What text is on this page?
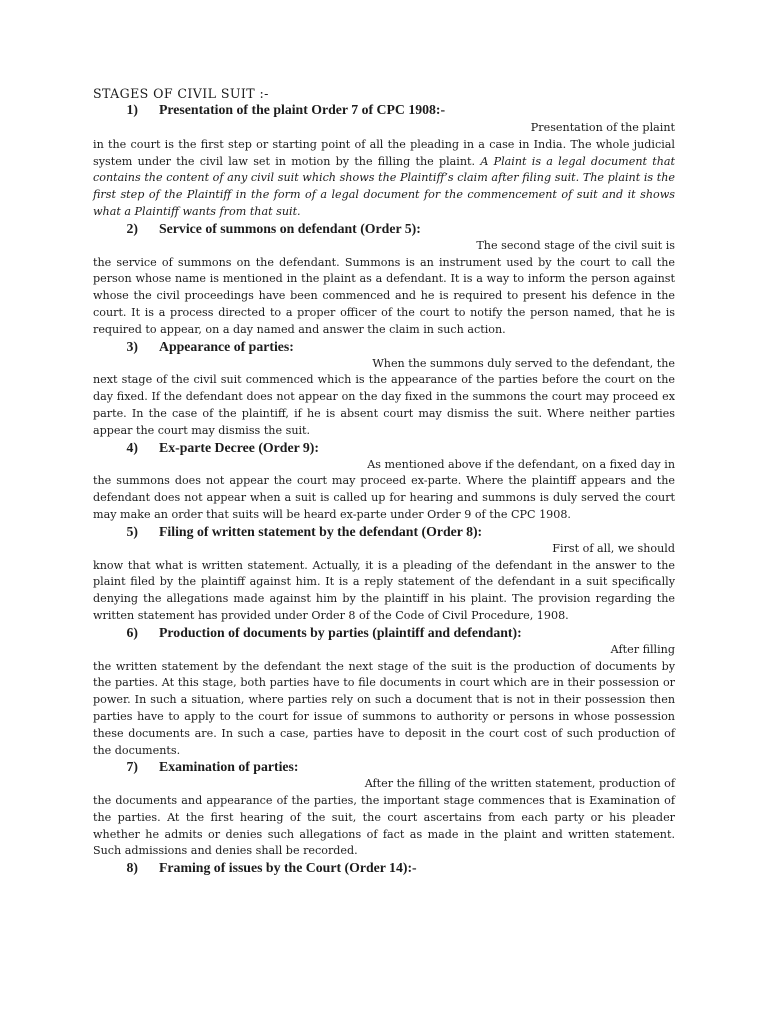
STAGES OF CIVIL SUIT :-
1) Presentation of the plaint Order 7 of CPC 1908:-
Presentation of the plaint
in the court is the first step or starting point of all the pleading in a case in India. The whole judicial system under the civil law set in motion by the filling the plaint. A Plaint is a legal document that contains the content of any civil suit which shows the Plaintiff’s claim after filing suit. The plaint is the first step of the Plaintiff in the form of a legal document for the commencement of suit and it shows what a Plaintiff wants from that suit.
2) Service of summons on defendant (Order 5):
The second stage of the civil suit is
the service of summons on the defendant. Summons is an instrument used by the court to call the person whose name is mentioned in the plaint as a defendant. It is a way to inform the person against whose the civil proceedings have been commenced and he is required to present his defence in the court. It is a process directed to a proper officer of the court to notify the person named, that he is required to appear, on a day named and answer the claim in such action.
3) Appearance of parties:
When the summons duly served to the defendant, the
next stage of the civil suit commenced which is the appearance of the parties before the court on the day fixed. If the defendant does not appear on the day fixed in the summons the court may proceed ex parte. In the case of the plaintiff, if he is absent court may dismiss the suit. Where neither parties appear the court may dismiss the suit.
4) Ex-parte Decree (Order 9):
As mentioned above if the defendant, on a fixed day in
the summons does not appear the court may proceed ex-parte. Where the plaintiff appears and the defendant does not appear when a suit is called up for hearing and summons is duly served the court may make an order that suits will be heard ex-parte under Order 9 of the CPC 1908.
5) Filing of written statement by the defendant (Order 8):
First of all, we should
know that what is written statement. Actually, it is a pleading of the defendant in the answer to the plaint filed by the plaintiff against him. It is a reply statement of the defendant in a suit specifically denying the allegations made against him by the plaintiff in his plaint. The provision regarding the written statement has provided under Order 8 of the Code of Civil Procedure, 1908.
6) Production of documents by parties (plaintiff and defendant):
After filling
the written statement by the defendant the next stage of the suit is the production of documents by the parties. At this stage, both parties have to file documents in court which are in their possession or power. In such a situation, where parties rely on such a document that is not in their possession then parties have to apply to the court for issue of summons to authority or persons in whose possession these documents are. In such a case, parties have to deposit in the court cost of such production of the documents.
7) Examination of parties:
After the filling of the written statement, production of
the documents and appearance of the parties, the important stage commences that is Examination of the parties. At the first hearing of the suit, the court ascertains from each party or his pleader whether he admits or denies such allegations of fact as made in the plaint and written statement. Such admissions and denies shall be recorded.
8) Framing of issues by the Court (Order 14):-
